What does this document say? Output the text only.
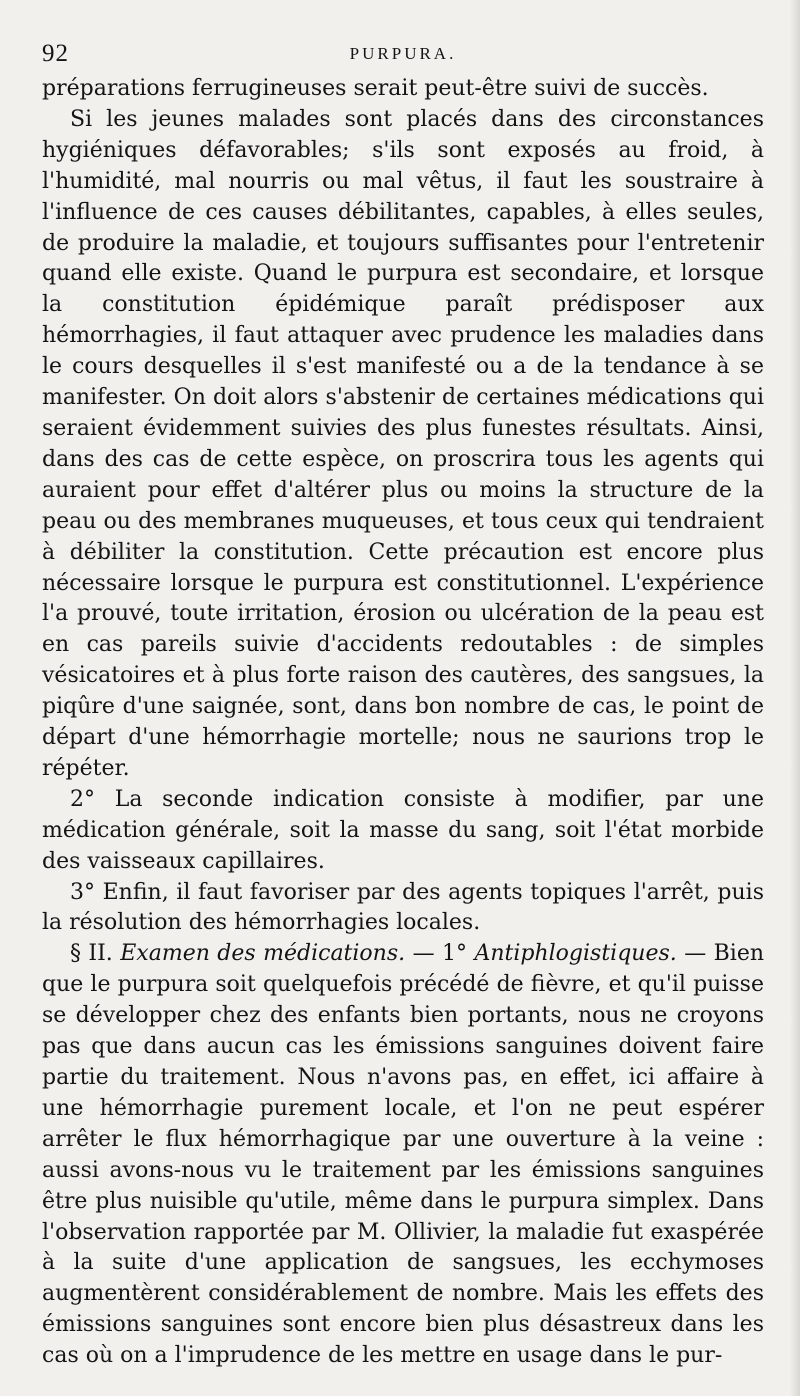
92	PURPURA.

préparations ferrugineuses serait peut-être suivi de succès.

Si les jeunes malades sont placés dans des circonstances hygiéniques défavorables; s'ils sont exposés au froid, à l'humidité, mal nourris ou mal vêtus, il faut les soustraire à l'influence de ces causes débilitantes, capables, à elles seules, de produire la maladie, et toujours suffisantes pour l'entretenir quand elle existe. Quand le purpura est secondaire, et lorsque la constitution épidémique paraît prédisposer aux hémorrhagies, il faut attaquer avec prudence les maladies dans le cours desquelles il s'est manifesté ou a de la tendance à se manifester. On doit alors s'abstenir de certaines médications qui seraient évidemment suivies des plus funestes résultats. Ainsi, dans des cas de cette espèce, on proscrira tous les agents qui auraient pour effet d'altérer plus ou moins la structure de la peau ou des membranes muqueuses, et tous ceux qui tendraient à débiliter la constitution. Cette précaution est encore plus nécessaire lorsque le purpura est constitutionnel. L'expérience l'a prouvé, toute irritation, érosion ou ulcération de la peau est en cas pareils suivie d'accidents redoutables : de simples vésicatoires et à plus forte raison des cautères, des sangsues, la piqûre d'une saignée, sont, dans bon nombre de cas, le point de départ d'une hémorrhagie mortelle; nous ne saurions trop le répéter.

2° La seconde indication consiste à modifier, par une médication générale, soit la masse du sang, soit l'état morbide des vaisseaux capillaires.

3° Enfin, il faut favoriser par des agents topiques l'arrêt, puis la résolution des hémorrhagies locales.

§ II. Examen des médications. — 1° Antiphlogistiques. — Bien que le purpura soit quelquefois précédé de fièvre, et qu'il puisse se développer chez des enfants bien portants, nous ne croyons pas que dans aucun cas les émissions sanguines doivent faire partie du traitement. Nous n'avons pas, en effet, ici affaire à une hémorrhagie purement locale, et l'on ne peut espérer arrêter le flux hémorrhagique par une ouverture à la veine : aussi avons-nous vu le traitement par les émissions sanguines être plus nuisible qu'utile, même dans le purpura simplex. Dans l'observation rapportée par M. Ollivier, la maladie fut exaspérée à la suite d'une application de sangsues, les ecchymoses augmentèrent considérablement de nombre. Mais les effets des émissions sanguines sont encore bien plus désastreux dans les cas où on a l'imprudence de les mettre en usage dans le pur-
